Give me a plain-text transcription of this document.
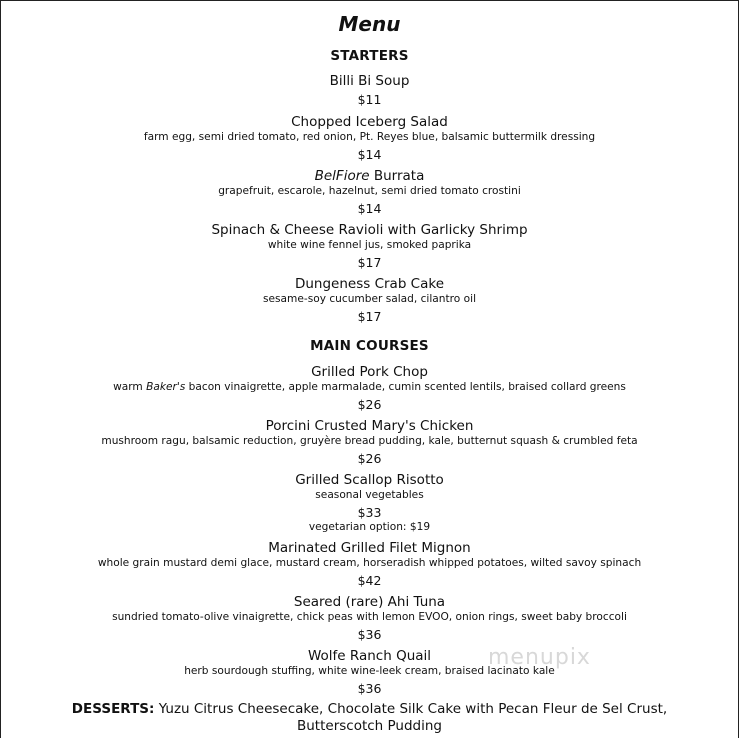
Menu
STARTERS
Billi Bi Soup
$11
Chopped Iceberg Salad
farm egg, semi dried tomato, red onion, Pt. Reyes blue, balsamic buttermilk dressing
$14
BelFiore Burrata
grapefruit, escarole, hazelnut, semi dried tomato crostini
$14
Spinach & Cheese Ravioli with Garlicky Shrimp
white wine fennel jus, smoked paprika
$17
Dungeness Crab Cake
sesame-soy cucumber salad, cilantro oil
$17
MAIN COURSES
Grilled Pork Chop
warm Baker's bacon vinaigrette, apple marmalade, cumin scented lentils, braised collard greens
$26
Porcini Crusted Mary's Chicken
mushroom ragu, balsamic reduction, gruyère bread pudding, kale, butternut squash & crumbled feta
$26
Grilled Scallop Risotto
seasonal vegetables
$33
vegetarian option: $19
Marinated Grilled Filet Mignon
whole grain mustard demi glace, mustard cream, horseradish whipped potatoes, wilted savoy spinach
$42
Seared (rare) Ahi Tuna
sundried tomato-olive vinaigrette, chick peas with lemon EVOO, onion rings, sweet baby broccoli
$36
Wolfe Ranch Quail
herb sourdough stuffing, white wine-leek cream, braised lacinato kale
$36
menupix
DESSERTS: Yuzu Citrus Cheesecake, Chocolate Silk Cake with Pecan Fleur de Sel Crust,
Butterscotch Pudding
